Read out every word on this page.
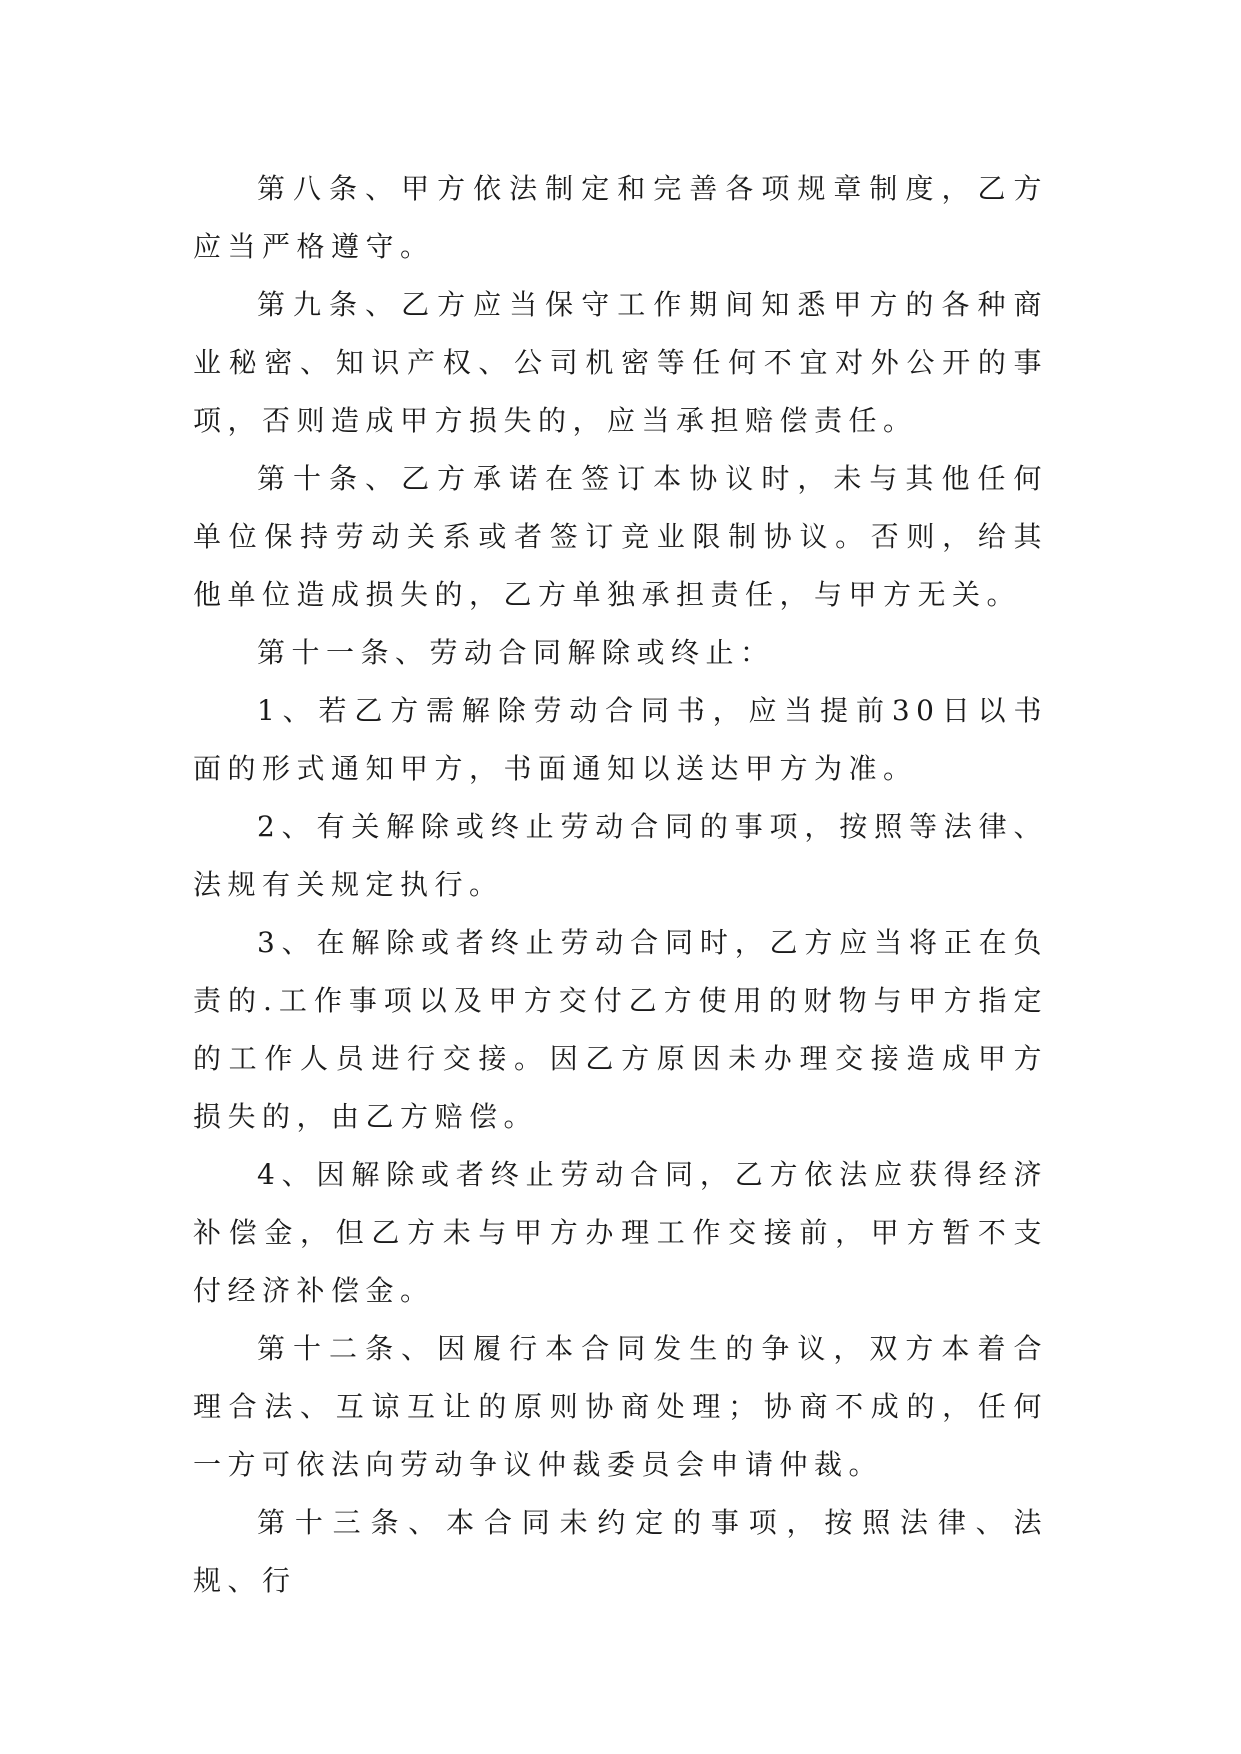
第八条、甲方依法制定和完善各项规章制度，乙方应当严格遵守。

第九条、乙方应当保守工作期间知悉甲方的各种商业秘密、知识产权、公司机密等任何不宜对外公开的事项，否则造成甲方损失的，应当承担赔偿责任。

第十条、乙方承诺在签订本协议时，未与其他任何单位保持劳动关系或者签订竞业限制协议。否则，给其他单位造成损失的，乙方单独承担责任，与甲方无关。

第十一条、劳动合同解除或终止：

1、若乙方需解除劳动合同书，应当提前30日以书面的形式通知甲方，书面通知以送达甲方为准。

2、有关解除或终止劳动合同的事项，按照等法律、法规有关规定执行。

3、在解除或者终止劳动合同时，乙方应当将正在负责的.工作事项以及甲方交付乙方使用的财物与甲方指定的工作人员进行交接。因乙方原因未办理交接造成甲方损失的，由乙方赔偿。

4、因解除或者终止劳动合同，乙方依法应获得经济补偿金，但乙方未与甲方办理工作交接前，甲方暂不支付经济补偿金。

第十二条、因履行本合同发生的争议，双方本着合理合法、互谅互让的原则协商处理；协商不成的，任何一方可依法向劳动争议仲裁委员会申请仲裁。

第十三条、本合同未约定的事项，按照法律、法规、行
